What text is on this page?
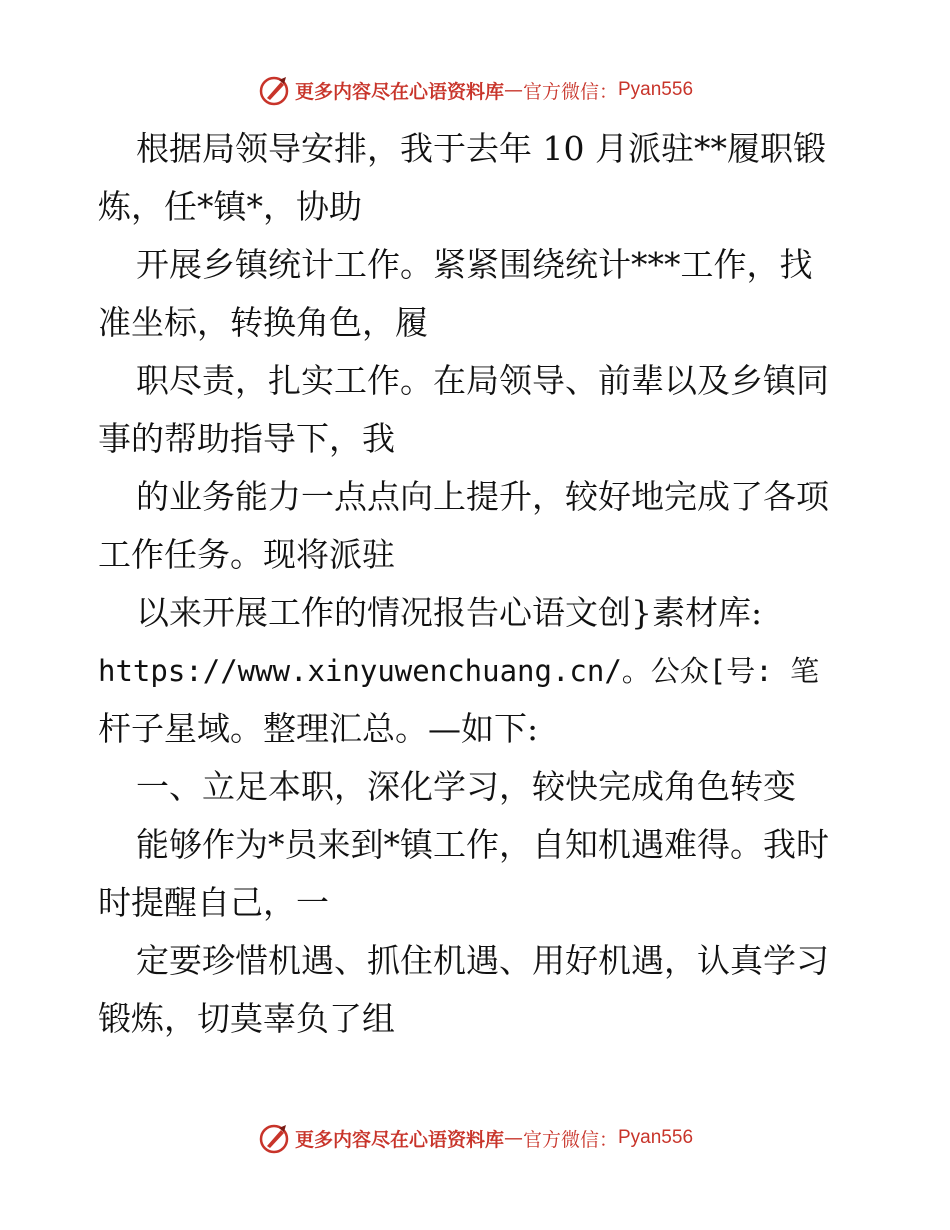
更多内容尽在心语资料库 — 官方微信： Pyan556
根据局领导安排，我于去年 10 月派驻**履职锻
炼，任*镇*，协助
开展乡镇统计工作。紧紧围绕统计***工作，找
准坐标，转换角色，履
职尽责，扎实工作。在局领导、前辈以及乡镇同
事的帮助指导下，我
的业务能力一点点向上提升，较好地完成了各项
工作任务。现将派驻
以来开展工作的情况报告心语文创}素材库:
https://www.xinyuwenchuang.cn/。公众[号: 笔
杆子星域。整理汇总。—如下:
一、立足本职，深化学习，较快完成角色转变
能够作为*员来到*镇工作，自知机遇难得。我时
时提醒自己，一
定要珍惜机遇、抓住机遇、用好机遇，认真学习
锻炼，切莫辜负了组
更多内容尽在心语资料库 — 官方微信： Pyan556
